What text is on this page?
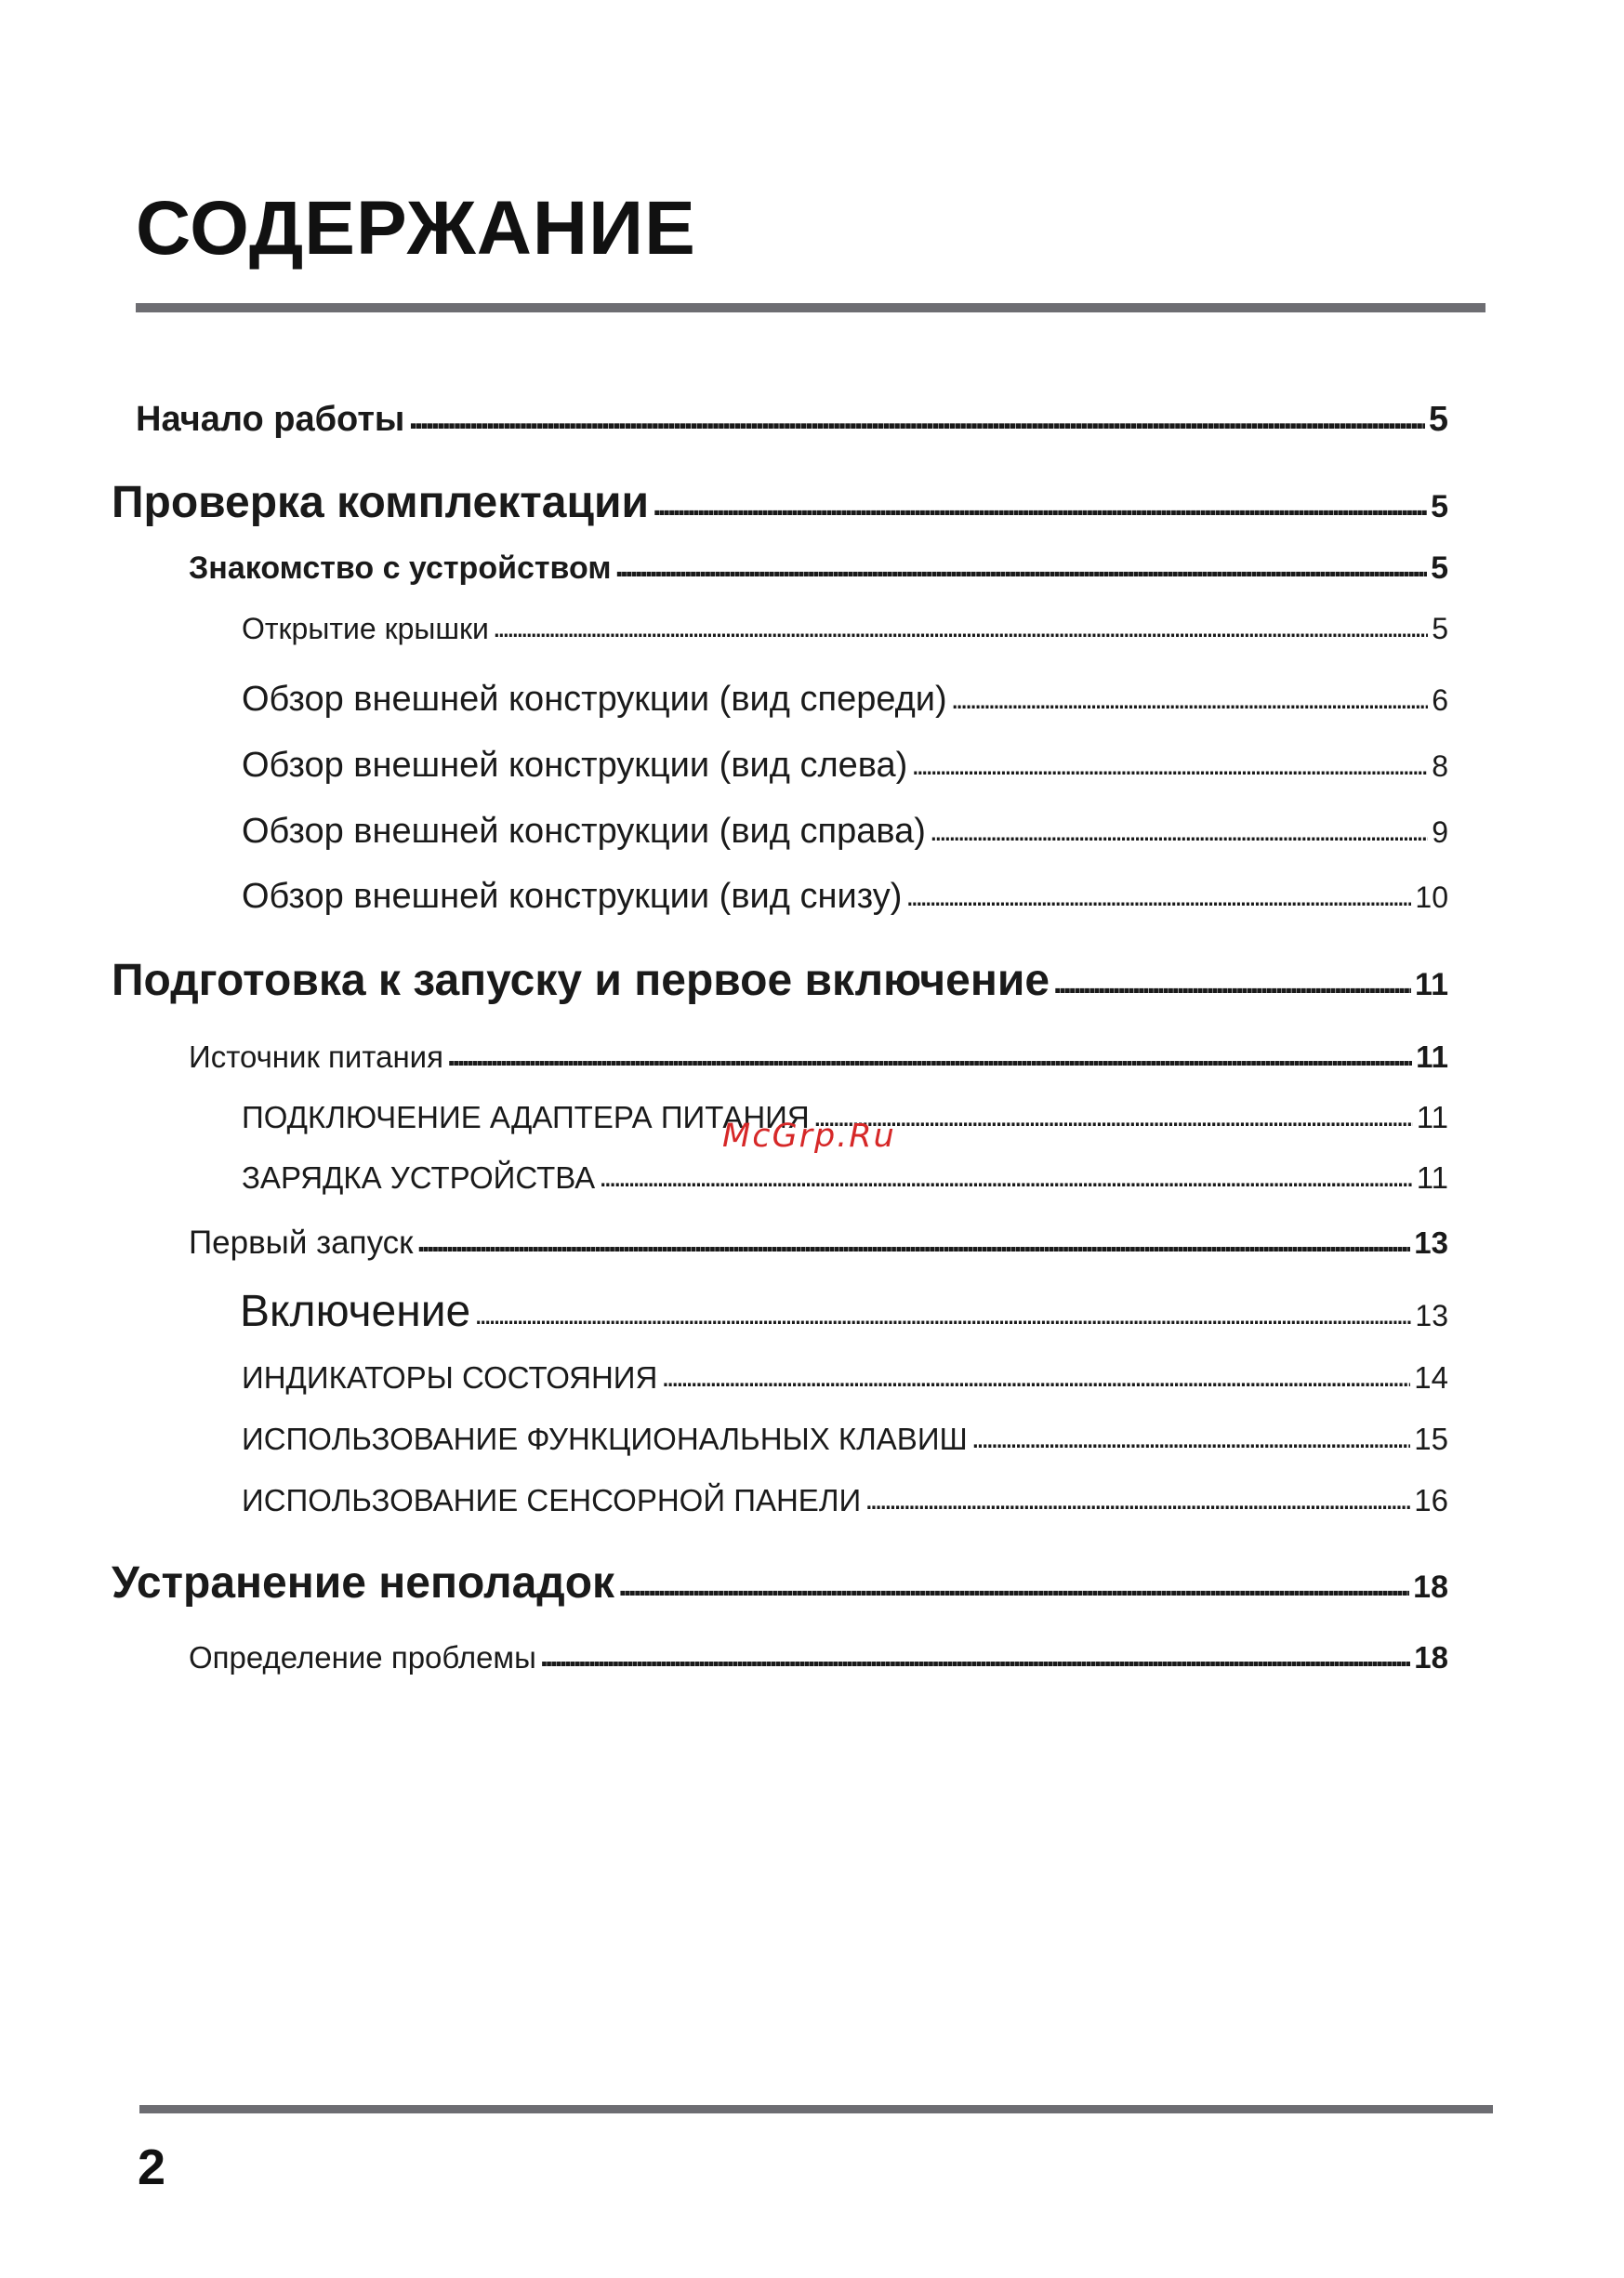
СОДЕРЖАНИЕ
Начало работы . . .	5
Проверка комплектации . . .	5
Знакомство с устройством . . .	5
Открытие крышки . . .	5
Обзор внешней конструкции (вид спереди) . . .	6
Обзор внешней конструкции (вид слева) . . .	8
Обзор внешней конструкции (вид справа) . . .	9
Обзор внешней конструкции (вид снизу) . . .	10
Подготовка к запуску и первое включение . . .	11
Источник питания . . .	11
ПОДКЛЮЧЕНИЕ АДАПТЕРА ПИТАНИЯ . . .	11
ЗАРЯДКА УСТРОЙСТВА . . .	11
Первый запуск . . .	13
Включение . . .	13
ИНДИКАТОРЫ СОСТОЯНИЯ . . .	14
ИСПОЛЬЗОВАНИЕ ФУНКЦИОНАЛЬНЫХ КЛАВИШ . . .	15
ИСПОЛЬЗОВАНИЕ СЕНСОРНОЙ ПАНЕЛИ . . .	16
Устранение неполадок . . .	18
Определение проблемы . . .	18
McGrp.Ru
2
